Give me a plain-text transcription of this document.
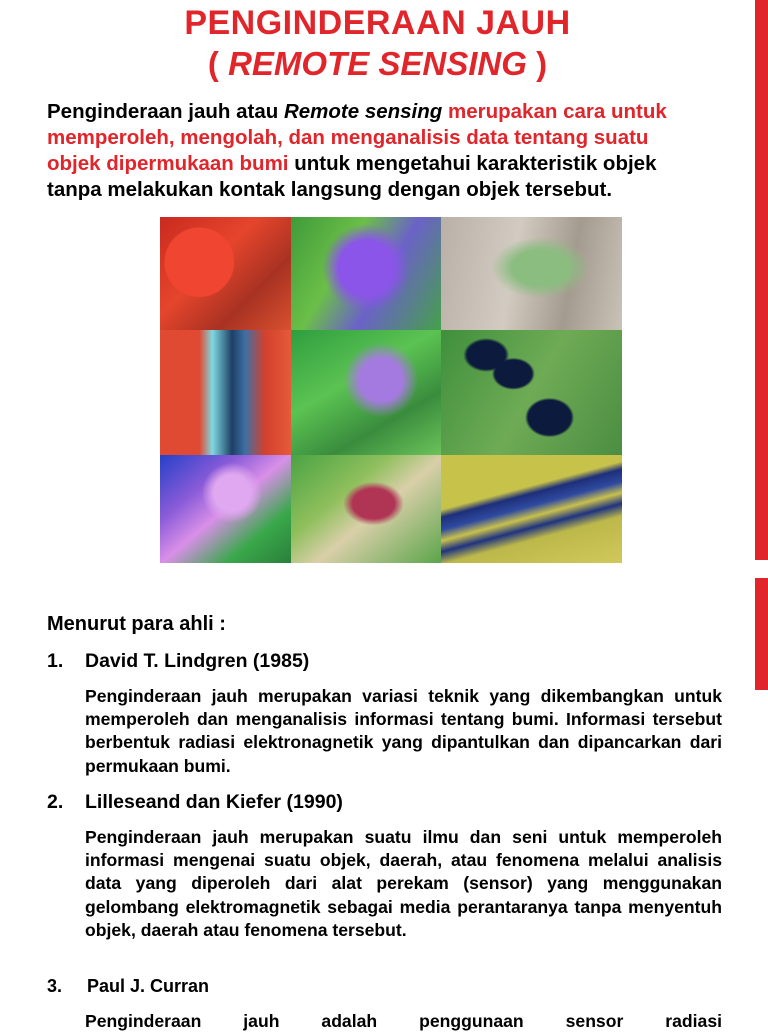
PENGINDERAAN JAUH
( REMOTE SENSING )
Penginderaan jauh atau Remote sensing merupakan cara untuk memperoleh, mengolah, dan menganalisis data tentang suatu objek dipermukaan bumi untuk mengetahui karakteristik objek tanpa melakukan kontak langsung dengan objek tersebut.
Menurut para ahli :
1. David T. Lindgren (1985)
Penginderaan jauh merupakan variasi teknik yang dikembangkan untuk memperoleh dan menganalisis informasi tentang bumi. Informasi tersebut berbentuk radiasi elektronagnetik yang dipantulkan dan dipancarkan dari permukaan bumi.
2. Lilleseand dan Kiefer (1990)
Penginderaan jauh merupakan suatu ilmu dan seni untuk memperoleh informasi mengenai suatu objek, daerah, atau fenomena melalui analisis data yang diperoleh dari alat perekam (sensor) yang menggunakan gelombang elektromagnetik sebagai media perantaranya tanpa menyentuh objek, daerah atau fenomena tersebut.
3. Paul J. Curran
Penginderaan jauh adalah penggunaan sensor radiasi
